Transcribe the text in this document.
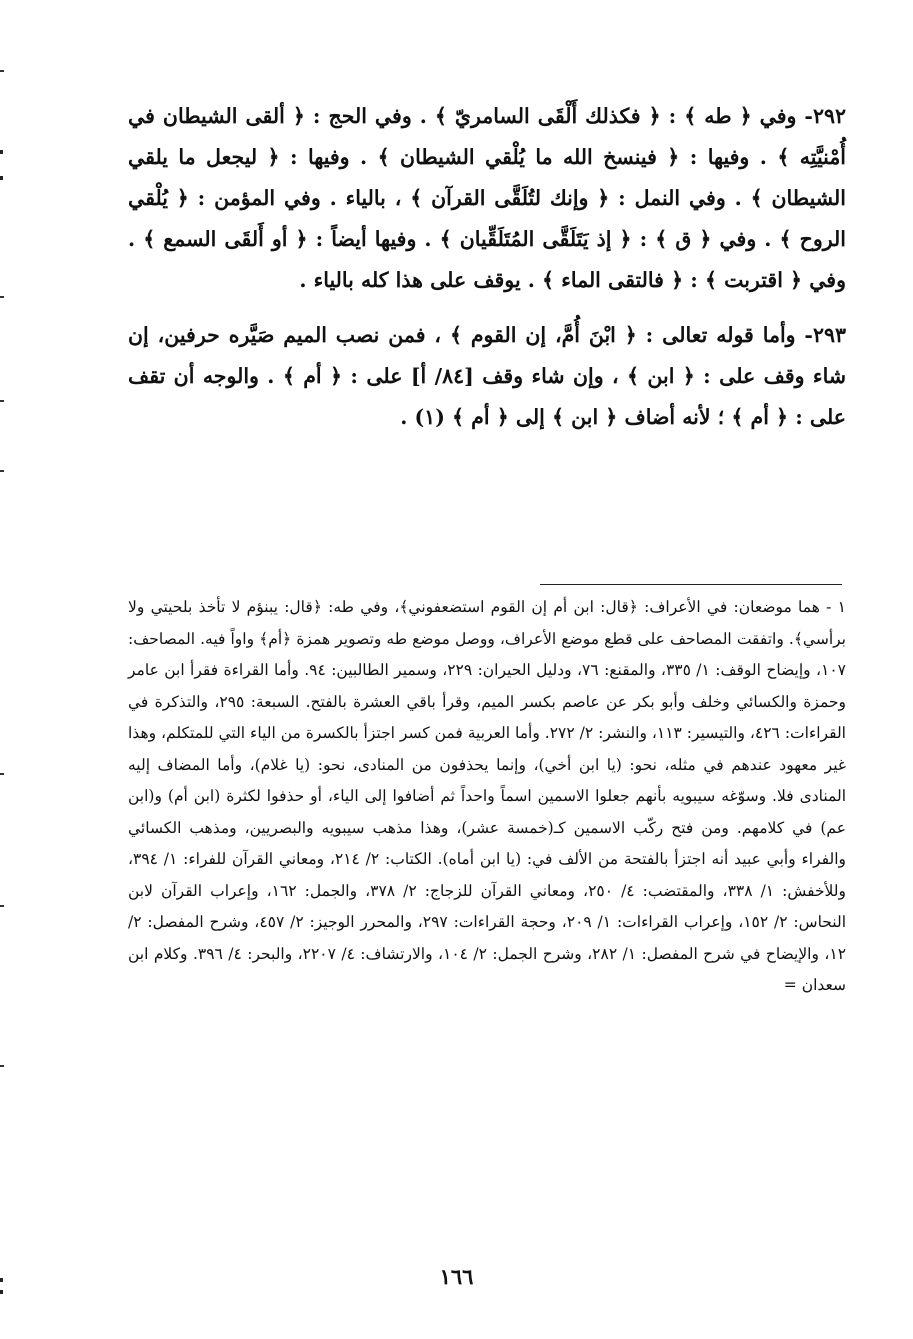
٢٩٢- وفي ﴿ طه ﴾ : ﴿ فكذلك أَلْقَى السامريّ ﴾ . وفي الحج : ﴿ ألقى الشيطان في أُمْنيَّتِه ﴾ . وفيها : ﴿ فينسخ الله ما يُلْقي الشيطان ﴾ . وفيها : ﴿ ليجعل ما يلقي الشيطان ﴾ . وفي النمل : ﴿ وإنك لتُلَقَّى القرآن ﴾ ، بالياء . وفي المؤمن : ﴿ يُلْقي الروح ﴾ . وفي ﴿ ق ﴾ : ﴿ إذ يَتَلَقَّى المُتَلَقِّيان ﴾ . وفيها أيضاً : ﴿ أو أَلقَى السمع ﴾ . وفي ﴿ اقتربت ﴾ : ﴿ فالتقى الماء ﴾ . يوقف على هذا كله بالياء .

٢٩٣- وأما قوله تعالى : ﴿ ابْنَ أُمَّ، إن القوم ﴾ ، فمن نصب الميم صَيَّره حرفين، إن شاء وقف على : ﴿ ابن ﴾ ، وإن شاء وقف [٨٤/ أ] على : ﴿ أم ﴾ . والوجه أن تقف على : ﴿ أم ﴾ ؛ لأنه أضاف ﴿ ابن ﴾ إلى ﴿ أم ﴾ (١) .

١ - هما موضعان: في الأعراف: ﴿قال: ابن أم إن القوم استضعفوني﴾، وفي طه: ﴿قال: يبنؤم لا تأخذ بلحيتي ولا برأسي﴾. واتفقت المصاحف على قطع موضع الأعراف، ووصل موضع طه وتصوير همزة ﴿أم﴾ واواً فيه. المصاحف: ١٠٧، وإيضاح الوقف: ١/ ٣٣٥، والمقنع: ٧٦، ودليل الحيران: ٢٢٩، وسمير الطالبين: ٩٤. وأما القراءة فقرأ ابن عامر وحمزة والكسائي وخلف وأبو بكر عن عاصم بكسر الميم، وقرأ باقي العشرة بالفتح. السبعة: ٢٩٥، والتذكرة في القراءات: ٤٢٦، والتيسير: ١١٣، والنشر: ٢/ ٢٧٢. وأما العربية فمن كسر اجتزأ بالكسرة من الياء التي للمتكلم، وهذا غير معهود عندهم في مثله، نحو: (يا ابن أخي)، وإنما يحذفون من المنادى، نحو: (يا غلام)، وأما المضاف إليه المنادى فلا. وسوّغه سيبويه بأنهم جعلوا الاسمين اسماً واحداً ثم أضافوا إلى الياء، أو حذفوا لكثرة (ابن أم) و(ابن عم) في كلامهم. ومن فتح ركّب الاسمين كـ(خمسة عشر)، وهذا مذهب سيبويه والبصريين، ومذهب الكسائي والفراء وأبي عبيد أنه اجتزأ بالفتحة من الألف في: (يا ابن أماه). الكتاب: ٢/ ٢١٤، ومعاني القرآن للفراء: ١/ ٣٩٤، وللأخفش: ١/ ٣٣٨، والمقتضب: ٤/ ٢٥٠، ومعاني القرآن للزجاج: ٢/ ٣٧٨، والجمل: ١٦٢، وإعراب القرآن لابن النحاس: ٢/ ١٥٢، وإعراب القراءات: ١/ ٢٠٩، وحجة القراءات: ٢٩٧، والمحرر الوجيز: ٢/ ٤٥٧، وشرح المفصل: ٢/ ١٢، والإيضاح في شرح المفصل: ١/ ٢٨٢، وشرح الجمل: ٢/ ١٠٤، والارتشاف: ٤/ ٢٢٠٧، والبحر: ٤/ ٣٩٦. وكلام ابن سعدان =

١٦٦
